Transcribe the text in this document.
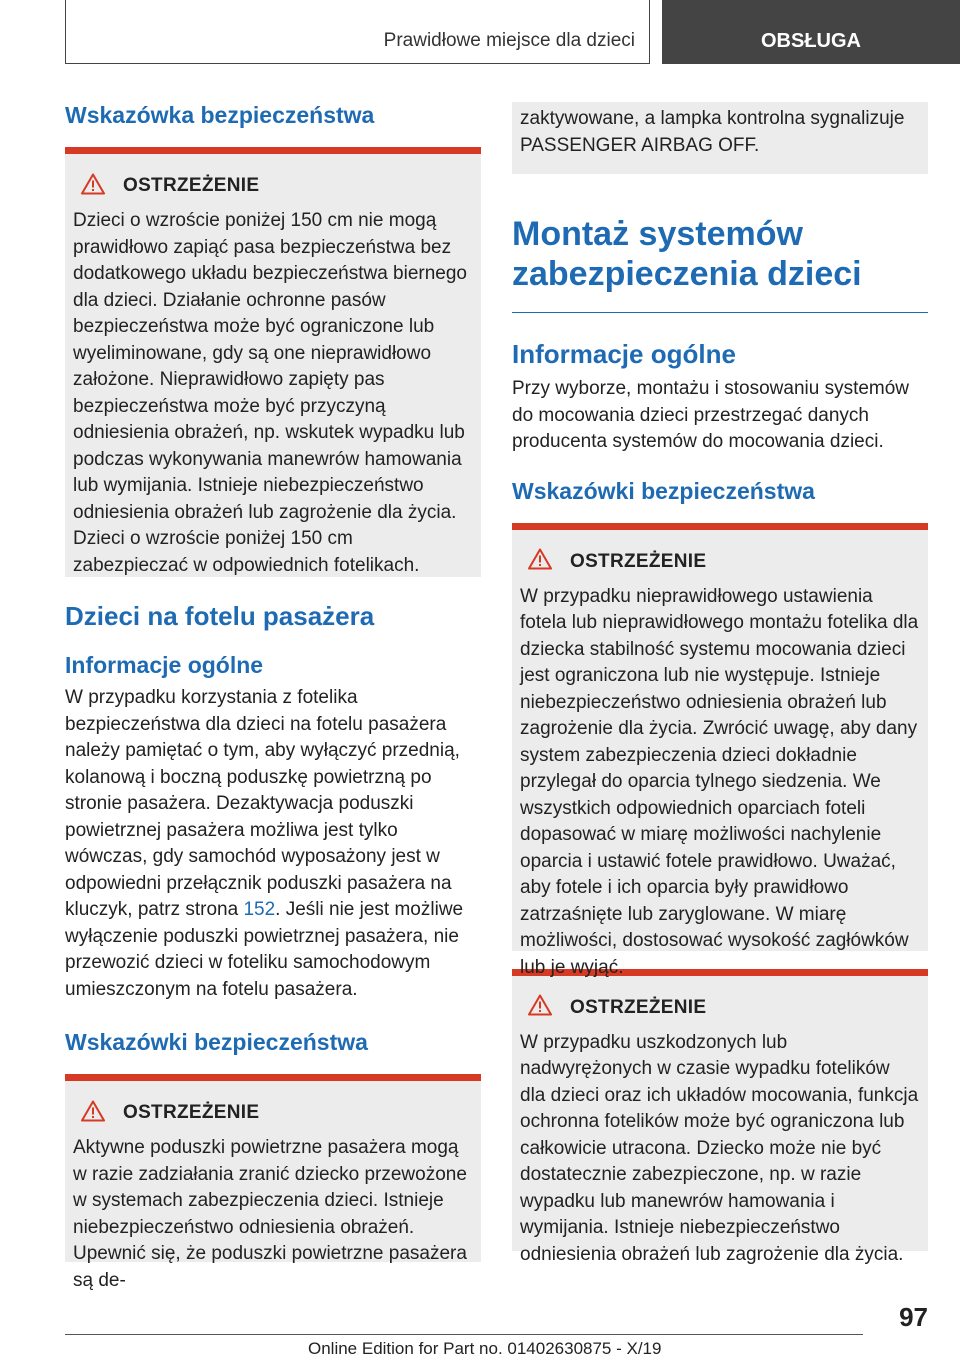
Prawidłowe miejsce dla dzieci	OBSŁUGA
Wskazówka bezpieczeństwa
OSTRZEŻENIE
Dzieci o wzroście poniżej 150 cm nie mogą prawidłowo zapiąć pasa bezpieczeństwa bez dodatkowego układu bezpieczeństwa biernego dla dzieci. Działanie ochronne pasów bezpieczeństwa może być ograniczone lub wyeliminowane, gdy są one nieprawidłowo założone. Nieprawidłowo zapięty pas bezpieczeństwa może być przyczyną odniesienia obrażeń, np. wskutek wypadku lub podczas wykonywania manewrów hamowania lub wymijania. Istnieje niebezpieczeństwo odniesienia obrażeń lub zagrożenie dla życia. Dzieci o wzroście poniżej 150 cm zabezpieczać w odpowiednich fotelikach.
Dzieci na fotelu pasażera
Informacje ogólne
W przypadku korzystania z fotelika bezpieczeństwa dla dzieci na fotelu pasażera należy pamiętać o tym, aby wyłączyć przednią, kolanową i boczną poduszkę powietrzną po stronie pasażera. Dezaktywacja poduszki powietrznej pasażera możliwa jest tylko wówczas, gdy samochód wyposażony jest w odpowiedni przełącznik poduszki pasażera na kluczyk, patrz strona 152. Jeśli nie jest możliwe wyłączenie poduszki powietrznej pasażera, nie przewozić dzieci w foteliku samochodowym umieszczonym na fotelu pasażera.
Wskazówki bezpieczeństwa
OSTRZEŻENIE
Aktywne poduszki powietrzne pasażera mogą w razie zadziałania zranić dziecko przewożone w systemach zabezpieczenia dzieci. Istnieje niebezpieczeństwo odniesienia obrażeń. Upewnić się, że poduszki powietrzne pasażera są de-
zaktywowane, a lampka kontrolna sygnalizuje PASSENGER AIRBAG OFF.
Montaż systemów zabezpieczenia dzieci
Informacje ogólne
Przy wyborze, montażu i stosowaniu systemów do mocowania dzieci przestrzegać danych producenta systemów do mocowania dzieci.
Wskazówki bezpieczeństwa
OSTRZEŻENIE
W przypadku nieprawidłowego ustawienia fotela lub nieprawidłowego montażu fotelika dla dziecka stabilność systemu mocowania dzieci jest ograniczona lub nie występuje. Istnieje niebezpieczeństwo odniesienia obrażeń lub zagrożenie dla życia. Zwrócić uwagę, aby dany system zabezpieczenia dzieci dokładnie przylegał do oparcia tylnego siedzenia. We wszystkich odpowiednich oparciach foteli dopasować w miarę możliwości nachylenie oparcia i ustawić fotele prawidłowo. Uważać, aby fotele i ich oparcia były prawidłowo zatrzaśnięte lub zaryglowane. W miarę możliwości, dostosować wysokość zagłówków lub je wyjąć.
OSTRZEŻENIE
W przypadku uszkodzonych lub nadwyrężonych w czasie wypadku fotelików dla dzieci oraz ich układów mocowania, funkcja ochronna fotelików może być ograniczona lub całkowicie utracona. Dziecko może nie być dostatecznie zabezpieczone, np. w razie wypadku lub manewrów hamowania i wymijania. Istnieje niebezpieczeństwo odniesienia obrażeń lub zagrożenie dla życia.
97
Online Edition for Part no. 01402630875 - X/19
